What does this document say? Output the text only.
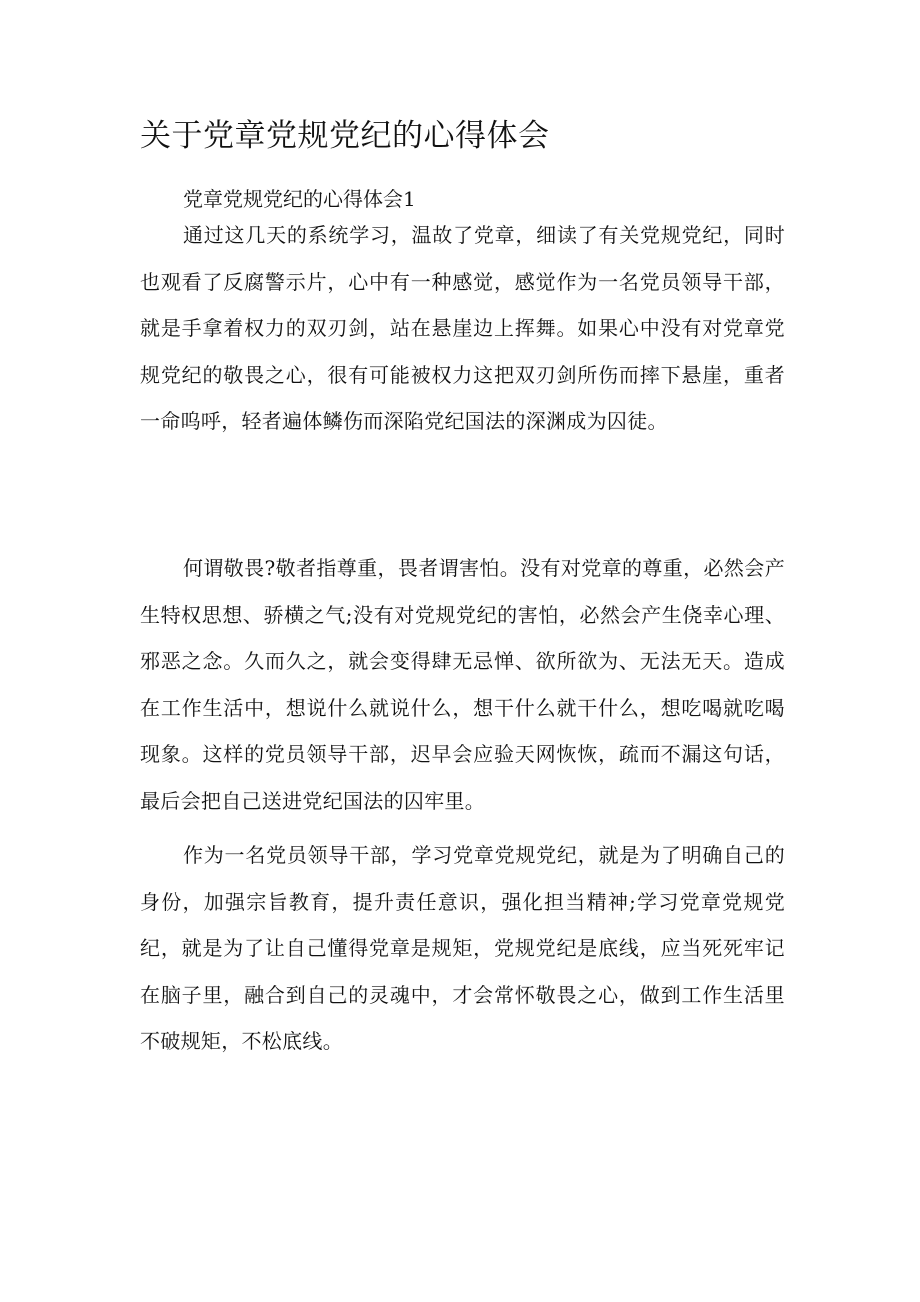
关于党章党规党纪的心得体会

党章党规党纪的心得体会1

通过这几天的系统学习，温故了党章，细读了有关党规党纪，同时也观看了反腐警示片，心中有一种感觉，感觉作为一名党员领导干部，就是手拿着权力的双刃剑，站在悬崖边上挥舞。如果心中没有对党章党规党纪的敬畏之心，很有可能被权力这把双刃剑所伤而摔下悬崖，重者一命呜呼，轻者遍体鳞伤而深陷党纪国法的深渊成为囚徒。

何谓敬畏?敬者指尊重，畏者谓害怕。没有对党章的尊重，必然会产生特权思想、骄横之气;没有对党规党纪的害怕，必然会产生侥幸心理、邪恶之念。久而久之，就会变得肆无忌惮、欲所欲为、无法无天。造成在工作生活中，想说什么就说什么，想干什么就干什么，想吃喝就吃喝现象。这样的党员领导干部，迟早会应验天网恢恢，疏而不漏这句话，最后会把自己送进党纪国法的囚牢里。

作为一名党员领导干部，学习党章党规党纪，就是为了明确自己的身份，加强宗旨教育，提升责任意识，强化担当精神;学习党章党规党纪，就是为了让自己懂得党章是规矩，党规党纪是底线，应当死死牢记在脑子里，融合到自己的灵魂中，才会常怀敬畏之心，做到工作生活里不破规矩，不松底线。
